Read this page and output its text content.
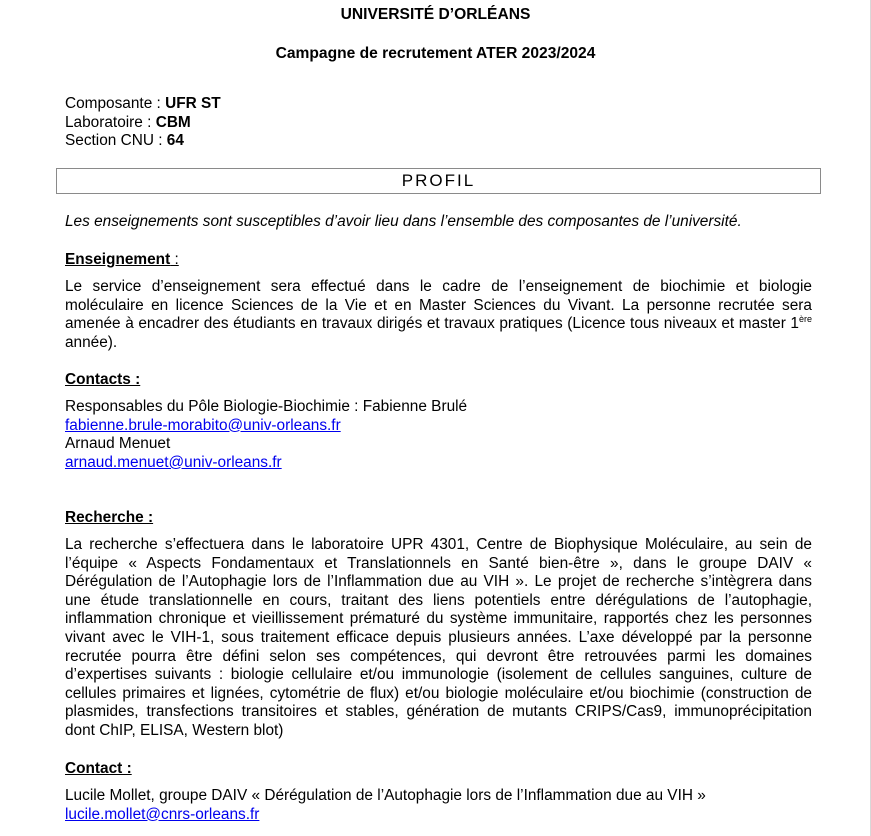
UNIVERSITÉ D’ORLÉANS
Campagne de recrutement ATER 2023/2024
Composante : UFR ST
Laboratoire : CBM
Section CNU : 64
PROFIL
Les enseignements sont susceptibles d’avoir lieu dans l’ensemble des composantes de l’université.
Enseignement :
Le service d’enseignement sera effectué dans le cadre de l’enseignement de biochimie et biologie moléculaire en licence Sciences de la Vie et en Master Sciences du Vivant. La personne recrutée sera amenée à encadrer des étudiants en travaux dirigés et travaux pratiques (Licence tous niveaux et master 1ère année).
Contacts :
Responsables du Pôle Biologie-Biochimie : Fabienne Brulé
fabienne.brule-morabito@univ-orleans.fr
Arnaud Menuet
arnaud.menuet@univ-orleans.fr
Recherche :
La recherche s’effectuera dans le laboratoire UPR 4301, Centre de Biophysique Moléculaire, au sein de l’équipe « Aspects Fondamentaux et Translationnels en Santé bien-être », dans le groupe DAIV « Dérégulation de l’Autophagie lors de l’Inflammation due au VIH ». Le projet de recherche s’intègrera dans une étude translationnelle en cours, traitant des liens potentiels entre dérégulations de l’autophagie, inflammation chronique et vieillissement prématuré du système immunitaire, rapportés chez les personnes vivant avec le VIH-1, sous traitement efficace depuis plusieurs années. L’axe développé par la personne recrutée pourra être défini selon ses compétences, qui devront être retrouvées parmi les domaines d’expertises suivants : biologie cellulaire et/ou immunologie (isolement de cellules sanguines, culture de cellules primaires et lignées, cytométrie de flux) et/ou biologie moléculaire et/ou biochimie (construction de plasmides, transfections transitoires et stables, génération de mutants CRIPS/Cas9, immunoprécipitation dont ChIP, ELISA, Western blot)
Contact :
Lucile Mollet, groupe DAIV « Dérégulation de l’Autophagie lors de l’Inflammation due au VIH »
lucile.mollet@cnrs-orleans.fr
